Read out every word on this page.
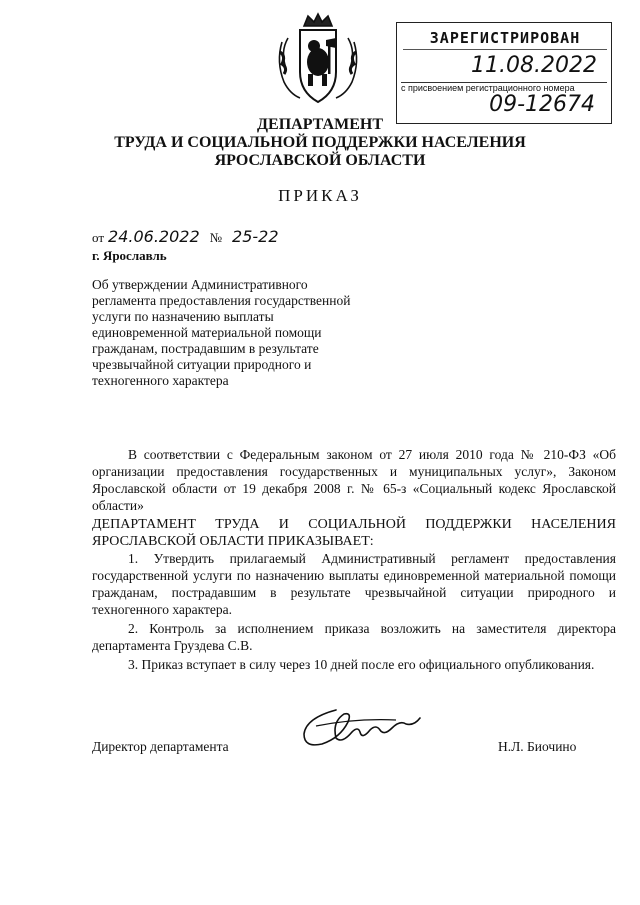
ЗАРЕГИСТРИРОВАН
11.08.2022
с присвоением регистрационного номера
09-12674
ДЕПАРТАМЕНТ
ТРУДА И СОЦИАЛЬНОЙ ПОДДЕРЖКИ НАСЕЛЕНИЯ
ЯРОСЛАВСКОЙ ОБЛАСТИ
ПРИКАЗ
от 24.06.2022 № 25-22
г. Ярославль
Об утверждении Административного регламента предоставления государственной услуги по назначению выплаты единовременной материальной помощи гражданам, пострадавшим в результате чрезвычайной ситуации природного и техногенного характера
В соответствии с Федеральным законом от 27 июля 2010 года № 210-ФЗ «Об организации предоставления государственных и муниципальных услуг», Законом Ярославской области от 19 декабря 2008 г. № 65-з «Социальный кодекс Ярославской области»
ДЕПАРТАМЕНТ ТРУДА И СОЦИАЛЬНОЙ ПОДДЕРЖКИ НАСЕЛЕНИЯ ЯРОСЛАВСКОЙ ОБЛАСТИ ПРИКАЗЫВАЕТ:
1. Утвердить прилагаемый Административный регламент предоставления государственной услуги по назначению выплаты единовременной материальной помощи гражданам, пострадавшим в результате чрезвычайной ситуации природного и техногенного характера.
2. Контроль за исполнением приказа возложить на заместителя директора департамента Груздева С.В.
3. Приказ вступает в силу через 10 дней после его официального опубликования.
Директор департамента	Н.Л. Биочино
